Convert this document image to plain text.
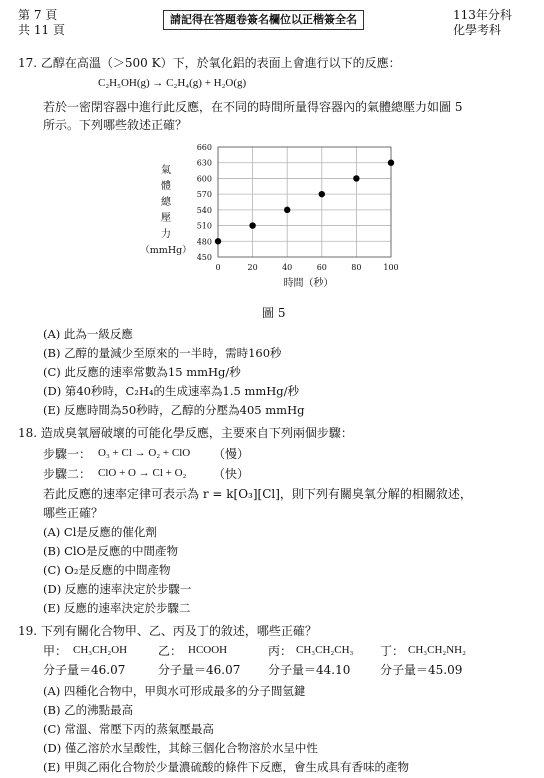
第 7 頁
共 11 頁
請記得在答題卷簽名欄位以正楷簽全名	113年分科
化學考科
17. 乙醇在高溫（＞500 K）下，於氧化鋁的表面上會進行以下的反應：
C₂H₅OH(g) → C₂H₄(g) + H₂O(g)
若於一密閉容器中進行此反應，在不同的時間所量得容器內的氣體總壓力如圖 5
所示。下列哪些敘述正確？
450
480
510
540
570
600
630
660
0	20	40	60	80	100
時間（秒）
氣
體
總
壓
力
（mmHg）
圖 5
(A) 此為一級反應
(B) 乙醇的量減少至原來的一半時，需時160秒
(C) 此反應的速率常數為15 mmHg/秒
(D) 第40秒時，C₂H₄的生成速率為1.5 mmHg/秒
(E) 反應時間為50秒時，乙醇的分壓為405 mmHg
18. 造成臭氧層破壞的可能化學反應，主要來自下列兩個步驟：
步驟一： O₃ + Cl → O₂ + ClO （慢）
步驟二： ClO + O → Cl + O₂ （快）
若此反應的速率定律可表示為 r = k[O₃][Cl]，則下列有關臭氧分解的相關敘述，
哪些正確？
(A) Cl是反應的催化劑
(B) ClO是反應的中間產物
(C) O₂是反應的中間產物
(D) 反應的速率決定於步驟一
(E) 反應的速率決定於步驟二
19. 下列有關化合物甲、乙、丙及丁的敘述，哪些正確？
甲： CH₃CH₂OH	乙： HCOOH	丙： CH₃CH₂CH₃ 丁： CH₃CH₂NH₂
分子量＝46.07	分子量＝46.07 分子量＝44.10 分子量＝45.09
(A) 四種化合物中，甲與水可形成最多的分子間氫鍵
(B) 乙的沸點最高
(C) 常溫、常壓下丙的蒸氣壓最高
(D) 僅乙溶於水呈酸性，其餘三個化合物溶於水呈中性
(E) 甲與乙兩化合物於少量濃硫酸的條件下反應，會生成具有香味的產物
